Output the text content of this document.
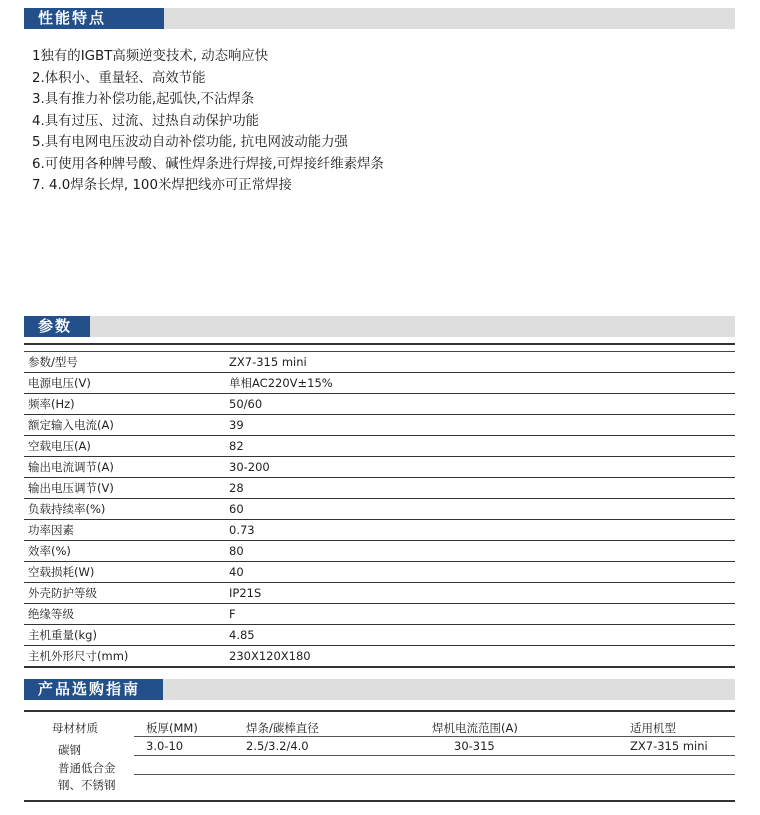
性能特点
1独有的IGBT高频逆变技术, 动态响应快
2.体积小、重量轻、高效节能
3.具有推力补偿功能,起弧快,不沾焊条
4.具有过压、过流、过热自动保护功能
5.具有电网电压波动自动补偿功能, 抗电网波动能力强
6.可使用各种牌号酸、碱性焊条进行焊接,可焊接纤维素焊条
7. 4.0焊条长焊, 100米焊把线亦可正常焊接
参数
参数/型号	ZX7-315 mini
电源电压(V)	单相AC220V±15%
频率(Hz)	50/60
额定输入电流(A)	39
空载电压(A)	82
输出电流调节(A)	30-200
输出电压调节(V)	28
负载持续率(%)	60
功率因素	0.73
效率(%)	80
空载损耗(W)	40
外壳防护等级	IP21S
绝缘等级	F
主机重量(kg)	4.85
主机外形尺寸(mm)	230X120X180
产品选购指南
母材材质	板厚(MM)	焊条/碳棒直径	焊机电流范围(A)	适用机型
碳钢	3.0-10	2.5/3.2/4.0	30-315	ZX7-315 mini
普通低合金
钢、不锈钢
